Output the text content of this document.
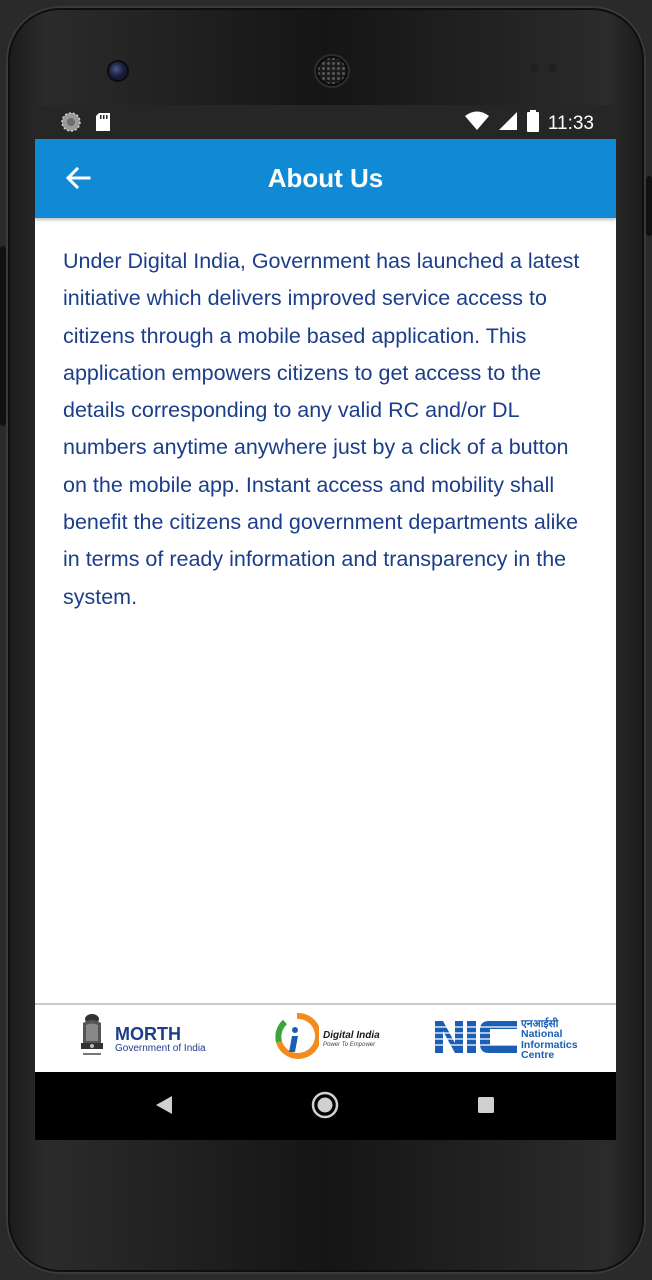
11:33
About Us

Under Digital India, Government has launched a latest initiative which delivers improved service access to citizens through a mobile based application. This application empowers citizens to get access to the details corresponding to any valid RC and/or DL numbers anytime anywhere just by a click of a button on the mobile app. Instant access and mobility shall benefit the citizens and government departments alike in terms of ready information and transparency in the system.

MORTH
Government of India
Digital India
Power To Empower
एनआईसी
National
Informatics
Centre
